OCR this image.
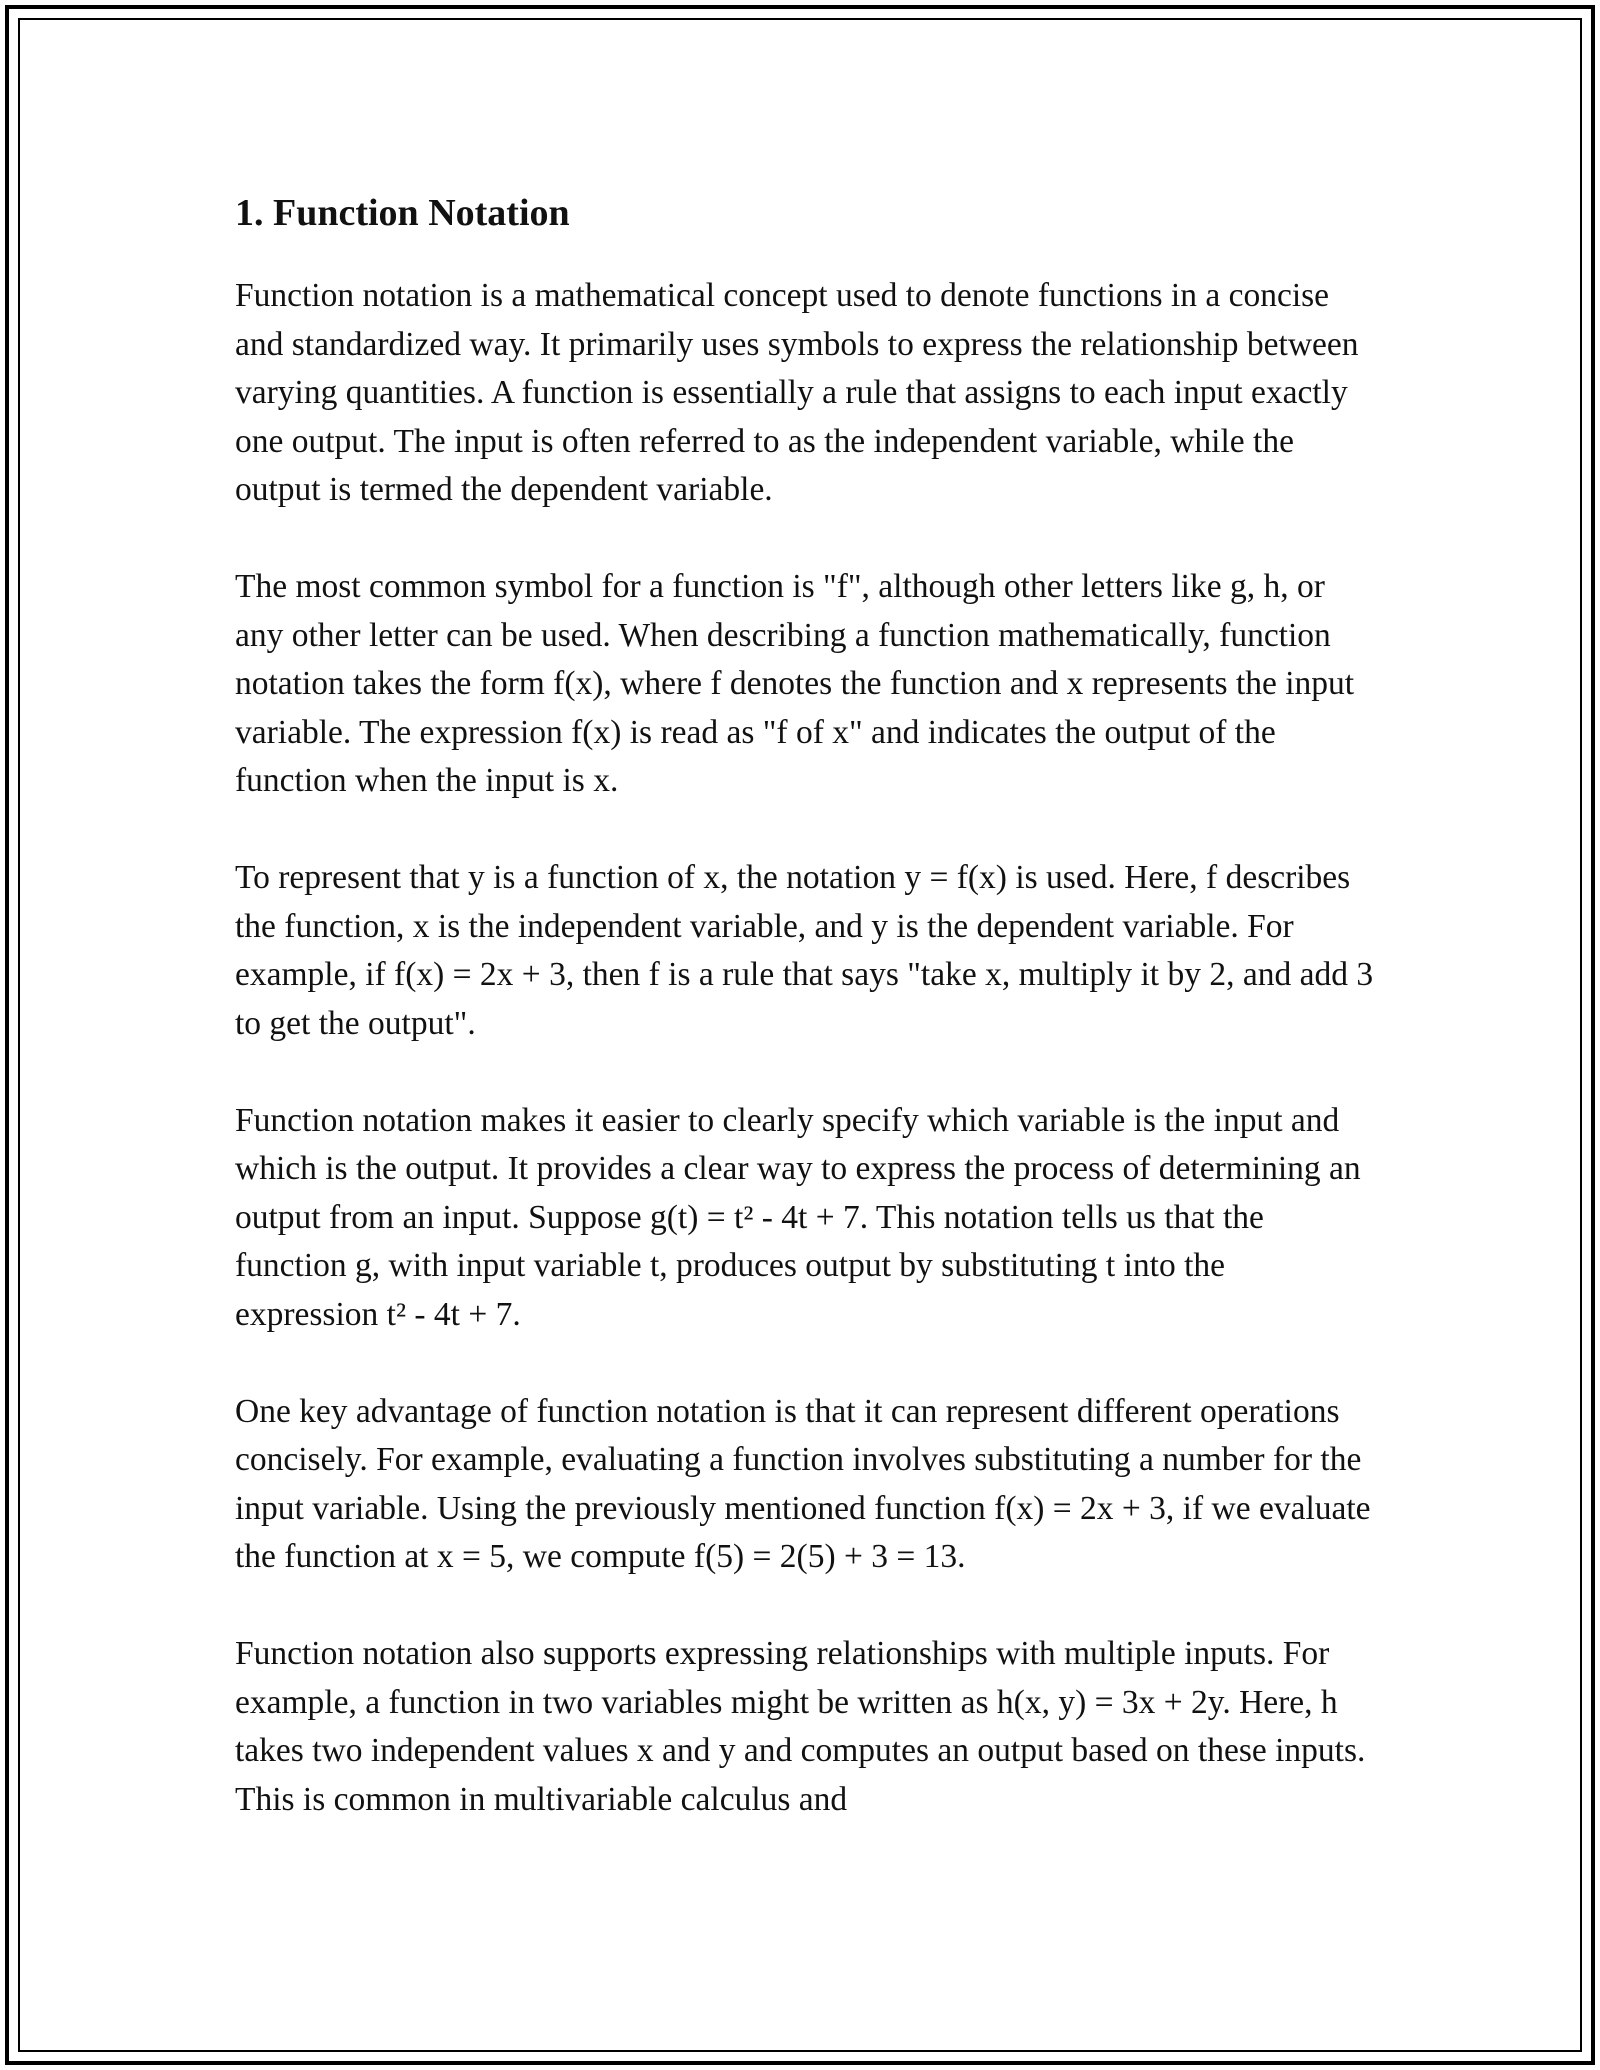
1. Function Notation

Function notation is a mathematical concept used to denote functions in a concise and standardized way. It primarily uses symbols to express the relationship between varying quantities. A function is essentially a rule that assigns to each input exactly one output. The input is often referred to as the independent variable, while the output is termed the dependent variable.

The most common symbol for a function is "f", although other letters like g, h, or any other letter can be used. When describing a function mathematically, function notation takes the form f(x), where f denotes the function and x represents the input variable. The expression f(x) is read as "f of x" and indicates the output of the function when the input is x.

To represent that y is a function of x, the notation y = f(x) is used. Here, f describes the function, x is the independent variable, and y is the dependent variable. For example, if f(x) = 2x + 3, then f is a rule that says "take x, multiply it by 2, and add 3 to get the output".

Function notation makes it easier to clearly specify which variable is the input and which is the output. It provides a clear way to express the process of determining an output from an input. Suppose g(t) = t² - 4t + 7. This notation tells us that the function g, with input variable t, produces output by substituting t into the expression t² - 4t + 7.

One key advantage of function notation is that it can represent different operations concisely. For example, evaluating a function involves substituting a number for the input variable. Using the previously mentioned function f(x) = 2x + 3, if we evaluate the function at x = 5, we compute f(5) = 2(5) + 3 = 13.

Function notation also supports expressing relationships with multiple inputs. For example, a function in two variables might be written as h(x, y) = 3x + 2y. Here, h takes two independent values x and y and computes an output based on these inputs. This is common in multivariable calculus and
